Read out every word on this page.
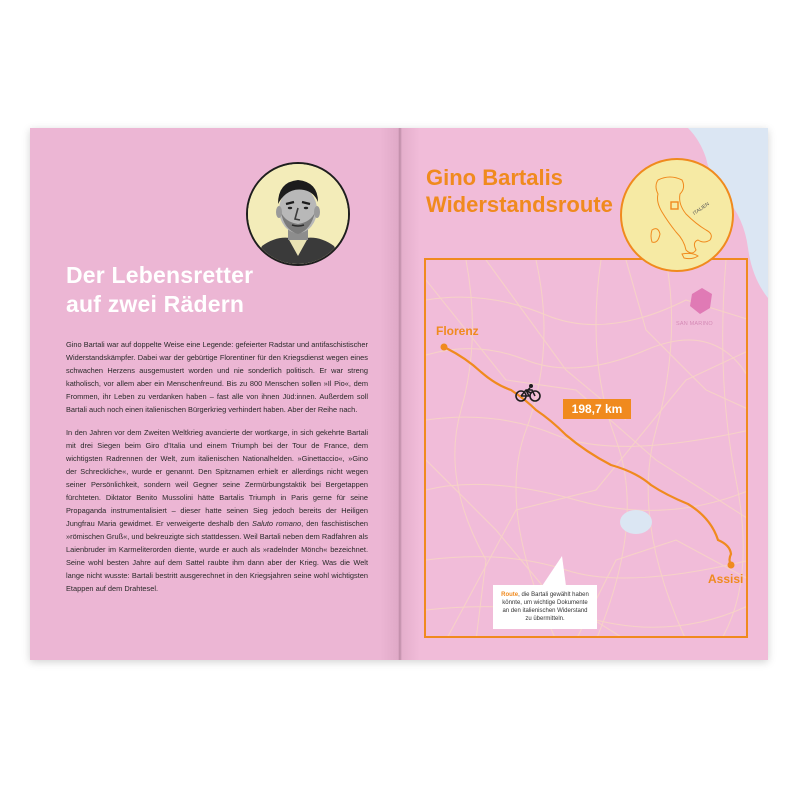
Der Lebensretter
auf zwei Rädern

Gino Bartali war auf doppelte Weise eine Legende: gefeierter Radstar und antifaschistischer Widerstandskämpfer. Dabei war der gebürtige Florentiner für den Kriegsdienst wegen eines schwachen Herzens ausgemustert worden und nie sonderlich politisch. Er war streng katholisch, vor allem aber ein Menschenfreund. Bis zu 800 Menschen sollen »Il Pio«, dem Frommen, ihr Leben zu verdanken haben – fast alle von ihnen Jüd:innen. Außerdem soll Bartali auch noch einen italienischen Bürgerkrieg verhindert haben. Aber der Reihe nach.

In den Jahren vor dem Zweiten Weltkrieg avancierte der wortkarge, in sich gekehrte Bartali mit drei Siegen beim Giro d’Italia und einem Triumph bei der Tour de France, dem wichtigsten Radrennen der Welt, zum italienischen Nationalhelden. »Ginettaccio«, »Gino der Schreckliche«, wurde er genannt. Den Spitznamen erhielt er allerdings nicht wegen seiner Persönlichkeit, sondern weil Gegner seine Zermürbungstaktik bei Bergetappen fürchteten. Diktator Benito Mussolini hätte Bartalis Triumph in Paris gerne für seine Propaganda instrumentalisiert – dieser hatte seinen Sieg jedoch bereits der Heiligen Jungfrau Maria gewidmet. Er verweigerte deshalb den Saluto romano, den faschistischen »römischen Gruß«, und bekreuzigte sich stattdessen. Weil Bartali neben dem Radfahren als Laienbruder im Karmeliterorden diente, wurde er auch als »radelnder Mönch« bezeichnet. Seine wohl besten Jahre auf dem Sattel raubte ihm dann aber der Krieg. Was die Welt lange nicht wusste: Bartali bestritt ausgerechnet in den Kriegsjahren seine wohl wichtigsten Etappen auf dem Drahtesel.

Gino Bartalis
Widerstandsroute
Florenz
Assisi
Route, die Bartali gewählt haben könnte, um wichtige Dokumente an den italienischen Widerstand zu übermitteln.
ITALIEN
SAN MARINO
198,7 km
